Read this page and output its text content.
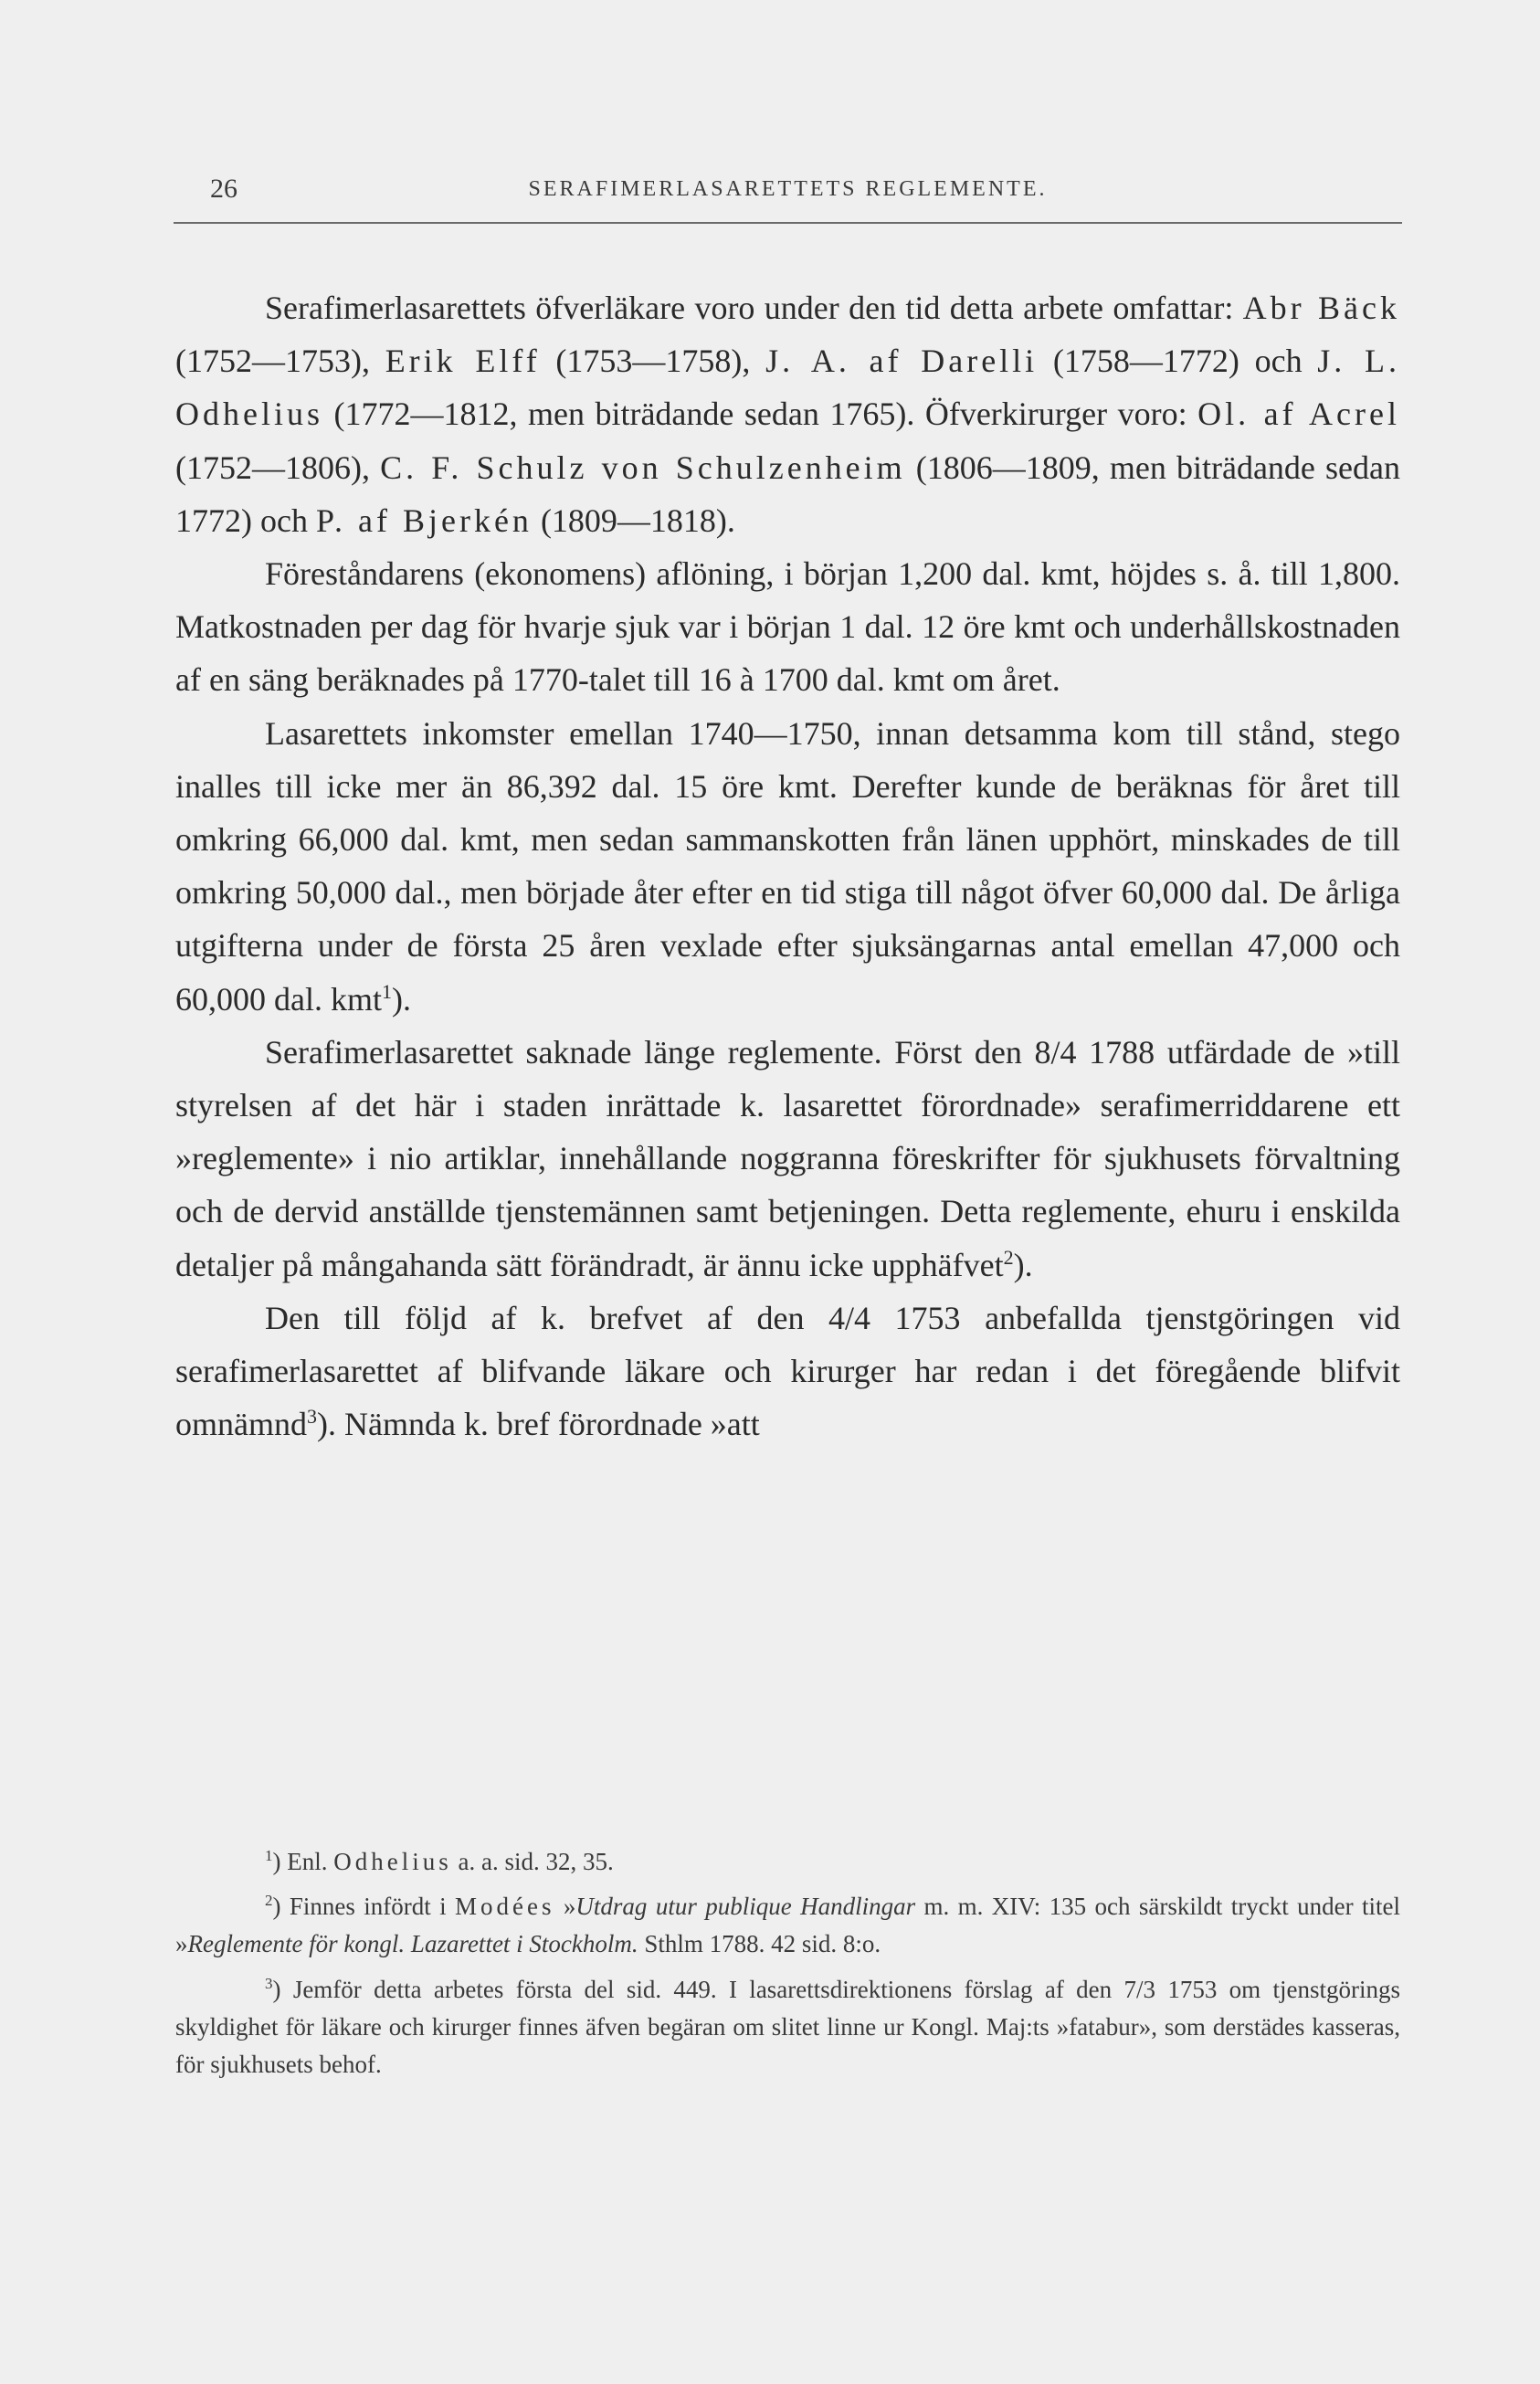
26	SERAFIMERLASARETTETS REGLEMENTE.

Serafimerlasarettets öfverläkare voro under den tid detta arbete omfattar: Abr Bäck (1752—1753), Erik Elff (1753—1758), J. A. af Darelli (1758—1772) och J. L. Odhelius (1772—1812, men biträdande sedan 1765). Öfverkirurger voro: Ol. af Acrel (1752—1806), C. F. Schulz von Schulzenheim (1806—1809, men biträdande sedan 1772) och P. af Bjerkén (1809—1818).

Föreståndarens (ekonomens) aflöning, i början 1,200 dal. kmt, höjdes s. å. till 1,800. Matkostnaden per dag för hvarje sjuk var i början 1 dal. 12 öre kmt och underhållskostnaden af en säng beräknades på 1770-talet till 16 à 1700 dal. kmt om året.

Lasarettets inkomster emellan 1740—1750, innan detsamma kom till stånd, stego inalles till icke mer än 86,392 dal. 15 öre kmt. Derefter kunde de beräknas för året till omkring 66,000 dal. kmt, men sedan sammanskotten från länen upphört, minskades de till omkring 50,000 dal., men började åter efter en tid stiga till något öfver 60,000 dal. De årliga utgifterna under de första 25 åren vexlade efter sjuksängarnas antal emellan 47,000 och 60,000 dal. kmt$^1$).

Serafimerlasarettet saknade länge reglemente. Först den 8/4 1788 utfärdade de »till styrelsen af det här i staden inrättade k. lasarettet förordnade» serafimerriddarene ett »reglemente» i nio artiklar, innehållande noggranna föreskrifter för sjukhusets förvaltning och de dervid anställde tjenstemännen samt betjeningen. Detta reglemente, ehuru i enskilda detaljer på mångahanda sätt förändradt, är ännu icke upphäfvet$^2$).

Den till följd af k. brefvet af den 4/4 1753 anbefallda tjenstgöringen vid serafimerlasarettet af blifvande läkare och kirurger har redan i det föregående blifvit omnämnd$^3$). Nämnda k. bref förordnade »att

$^1$) Enl. Odhelius a. a. sid. 32, 35.

$^2$) Finnes infördt i Modées »Utdrag utur publique Handlingar m. m. XIV: 135 och särskildt tryckt under titel »Reglemente för kongl. Lazarettet i Stockholm. Sthlm 1788. 42 sid. 8:o.

$^3$) Jemför detta arbetes första del sid. 449. I lasarettsdirektionens förslag af den 7/3 1753 om tjenstgörings skyldighet för läkare och kirurger finnes äfven begäran om slitet linne ur Kongl. Maj:ts »fatabur», som derstädes kasseras, för sjukhusets behof.
